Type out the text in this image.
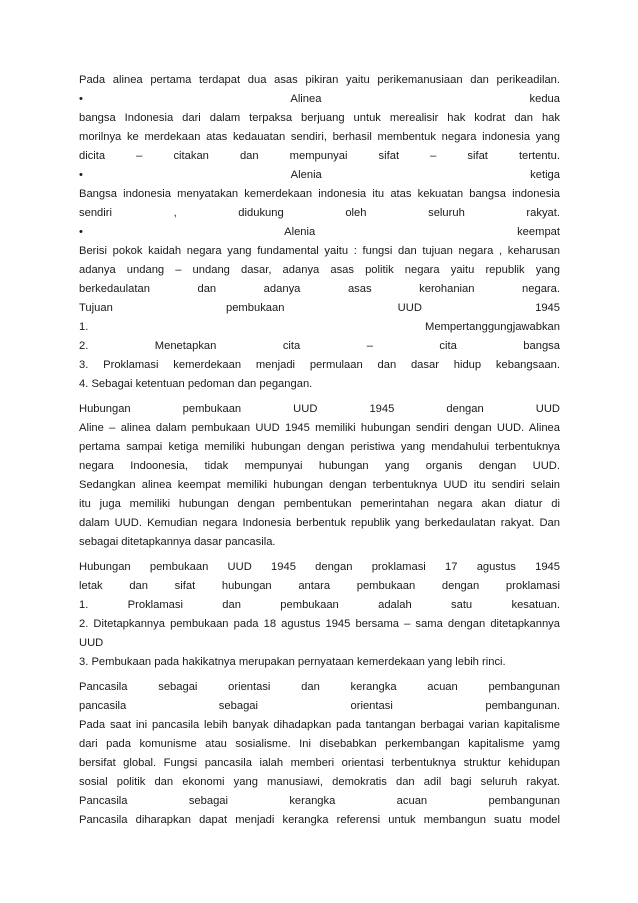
Pada alinea pertama terdapat dua asas pikiran yaitu perikemanusiaan dan perikeadilan.
• Alinea kedua
bangsa Indonesia dari dalam terpaksa berjuang untuk merealisir hak kodrat dan hak
morilnya ke merdekaan atas kedauatan sendiri, berhasil membentuk negara indonesia yang
dicita – citakan dan mempunyai sifat – sifat tertentu.
• Alenia ketiga
Bangsa indonesia menyatakan kemerdekaan indonesia itu atas kekuatan bangsa indonesia
sendiri , didukung oleh seluruh rakyat.
• Alenia keempat
Berisi pokok kaidah negara yang fundamental yaitu : fungsi dan tujuan negara , keharusan
adanya undang – undang dasar, adanya asas politik negara yaitu republik yang
berkedaulatan dan adanya asas kerohanian negara.
Tujuan pembukaan UUD 1945
1. Mempertanggungjawabkan
2. Menetapkan cita – cita bangsa
3. Proklamasi kemerdekaan menjadi permulaan dan dasar hidup kebangsaan.
4. Sebagai ketentuan pedoman dan pegangan.
Hubungan pembukaan UUD 1945 dengan UUD
Aline – alinea dalam pembukaan UUD 1945 memiliki hubungan sendiri dengan UUD. Alinea
pertama sampai ketiga memiliki hubungan dengan peristiwa yang mendahului terbentuknya
negara Indoonesia, tidak mempunyai hubungan yang organis dengan UUD.
Sedangkan alinea keempat memiliki hubungan dengan terbentuknya UUD itu sendiri selain
itu juga memiliki hubungan dengan pembentukan pemerintahan negara akan diatur di
dalam UUD. Kemudian negara Indonesia berbentuk republik yang berkedaulatan rakyat. Dan
sebagai ditetapkannya dasar pancasila.
Hubungan pembukaan UUD 1945 dengan proklamasi 17 agustus 1945
letak dan sifat hubungan antara pembukaan dengan proklamasi
1. Proklamasi dan pembukaan adalah satu kesatuan.
2. Ditetapkannya pembukaan pada 18 agustus 1945 bersama – sama dengan ditetapkannya
UUD
3. Pembukaan pada hakikatnya merupakan pernyataan kemerdekaan yang lebih rinci.
Pancasila sebagai orientasi dan kerangka acuan pembangunan
pancasila sebagai orientasi pembangunan.
Pada saat ini pancasila lebih banyak dihadapkan pada tantangan berbagai varian kapitalisme
dari pada komunisme atau sosialisme. Ini disebabkan perkembangan kapitalisme yamg
bersifat global. Fungsi pancasila ialah memberi orientasi terbentuknya struktur kehidupan
sosial politik dan ekonomi yang manusiawi, demokratis dan adil bagi seluruh rakyat.
Pancasila sebagai kerangka acuan pembangunan
Pancasila diharapkan dapat menjadi kerangka referensi untuk membangun suatu model
